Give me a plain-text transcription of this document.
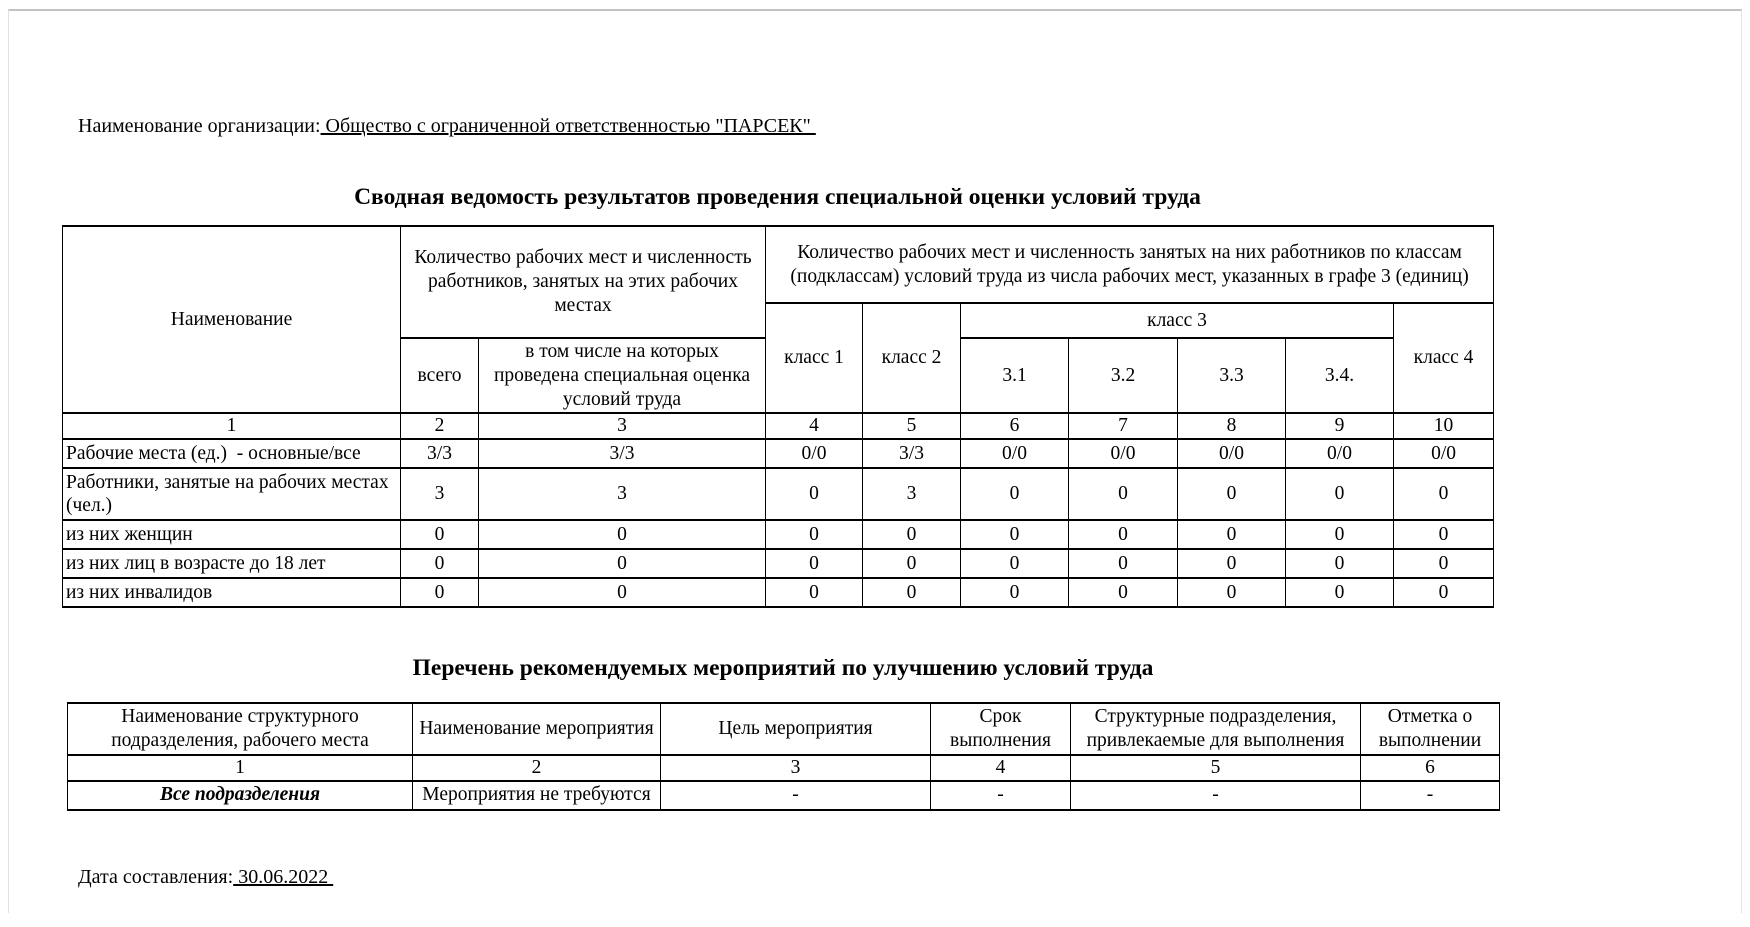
Наименование организации: Общество с ограниченной ответственностью "ПАРСЕК"
Сводная ведомость результатов проведения специальной оценки условий труда
Наименование	Количество рабочих мест и численность работников, занятых на этих рабочих местах		Количество рабочих мест и численность занятых на них работников по классам (подклассам) условий труда из числа рабочих мест, указанных в графе 3 (единиц)						
			класс 1	класс 2	класс 3				класс 4
	всего	в том числе на которых проведена специальная оценка условий труда			3.1	3.2	3.3	3.4.	
1	2	3	4	5	6	7	8	9	10
Рабочие места (ед.)  - основные/все	3/3	3/3	0/0	3/3	0/0	0/0	0/0	0/0	0/0
Работники, занятые на рабочих местах (чел.)	3	3	0	3	0	0	0	0	0
из них женщин	0	0	0	0	0	0	0	0	0
из них лиц в возрасте до 18 лет	0	0	0	0	0	0	0	0	0
из них инвалидов	0	0	0	0	0	0	0	0	0
Перечень рекомендуемых мероприятий по улучшению условий труда
Наименование структурного подразделения, рабочего места	Наименование мероприятия	Цель мероприятия	Срок выполнения	Структурные подразделения, привлекаемые для выполнения	Отметка о выполнении
1	2	3	4	5	6
Все подразделения	Мероприятия не требуются	-	-	-	-
Дата составления: 30.06.2022
